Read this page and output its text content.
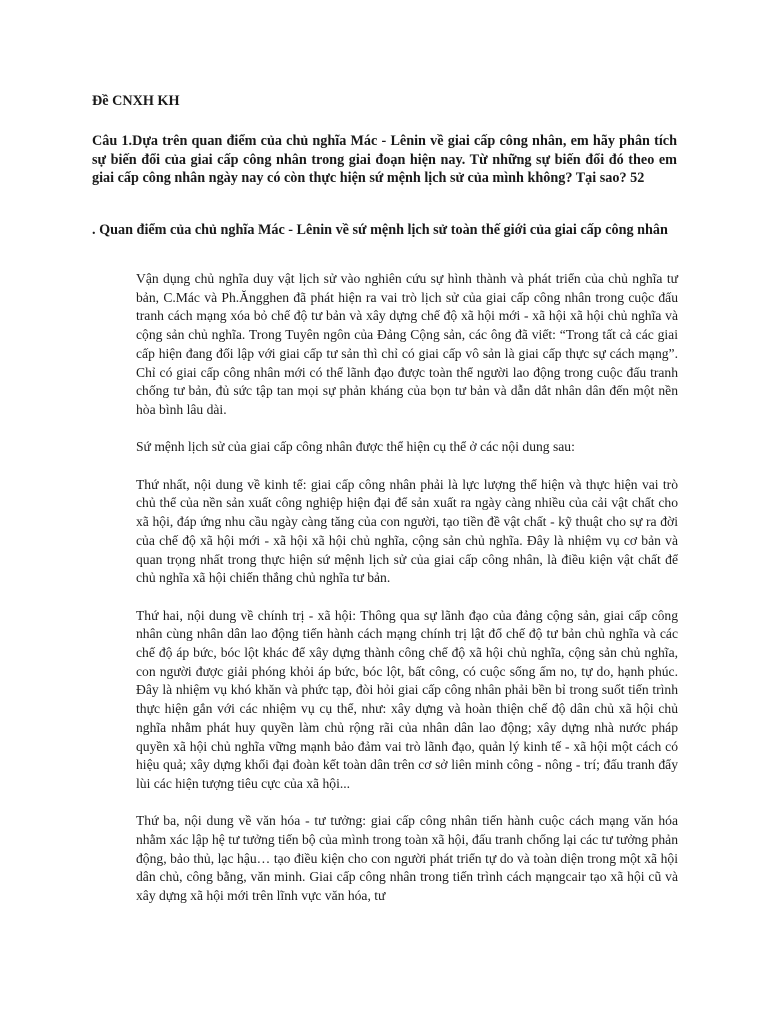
Đề CNXH KH

Câu 1.Dựa trên quan điểm của chủ nghĩa Mác - Lênin về giai cấp công nhân, em hãy phân tích sự biến đổi của giai cấp công nhân trong giai đoạn hiện nay. Từ những sự biến đổi đó theo em giai cấp công nhân ngày nay có còn thực hiện sứ mệnh lịch sử của mình không? Tại sao? 52

. Quan điểm của chủ nghĩa Mác - Lênin về sứ mệnh lịch sử toàn thế giới của giai cấp công nhân

Vận dụng chủ nghĩa duy vật lịch sử vào nghiên cứu sự hình thành và phát triển của chủ nghĩa tư bản, C.Mác và Ph.Ăngghen đã phát hiện ra vai trò lịch sử của giai cấp công nhân trong cuộc đấu tranh cách mạng xóa bỏ chế độ tư bản và xây dựng chế độ xã hội mới - xã hội xã hội chủ nghĩa và cộng sản chủ nghĩa. Trong Tuyên ngôn của Đảng Cộng sản, các ông đã viết: “Trong tất cả các giai cấp hiện đang đối lập với giai cấp tư sản thì chỉ có giai cấp vô sản là giai cấp thực sự cách mạng”. Chỉ có giai cấp công nhân mới có thể lãnh đạo được toàn thể người lao động trong cuộc đấu tranh chống tư bản, đủ sức tập tan mọi sự phản kháng của bọn tư bản và dẫn dắt nhân dân đến một nền hòa bình lâu dài.

Sứ mệnh lịch sử của giai cấp công nhân được thể hiện cụ thể ở các nội dung sau:

Thứ nhất, nội dung về kinh tế: giai cấp công nhân phải là lực lượng thể hiện và thực hiện vai trò chủ thể của nền sản xuất công nghiệp hiện đại để sản xuất ra ngày càng nhiều của cải vật chất cho xã hội, đáp ứng nhu cầu ngày càng tăng của con người, tạo tiền đề vật chất - kỹ thuật cho sự ra đời của chế độ xã hội mới - xã hội xã hội chủ nghĩa, cộng sản chủ nghĩa. Đây là nhiệm vụ cơ bản và quan trọng nhất trong thực hiện sứ mệnh lịch sử của giai cấp công nhân, là điều kiện vật chất để chủ nghĩa xã hội chiến thắng chủ nghĩa tư bản.

Thứ hai, nội dung về chính trị - xã hội: Thông qua sự lãnh đạo của đảng cộng sản, giai cấp công nhân cùng nhân dân lao động tiến hành cách mạng chính trị lật đổ chế độ tư bản chủ nghĩa và các chế độ áp bức, bóc lột khác để xây dựng thành công chế độ xã hội chủ nghĩa, cộng sản chủ nghĩa, con người được giải phóng khỏi áp bức, bóc lột, bất công, có cuộc sống ấm no, tự do, hạnh phúc. Đây là nhiệm vụ khó khăn và phức tạp, đòi hỏi giai cấp công nhân phải bền bỉ trong suốt tiến trình thực hiện gắn với các nhiệm vụ cụ thể, như: xây dựng và hoàn thiện chế độ dân chủ xã hội chủ nghĩa nhằm phát huy quyền làm chủ rộng rãi của nhân dân lao động; xây dựng nhà nước pháp quyền xã hội chủ nghĩa vững mạnh bảo đảm vai trò lãnh đạo, quản lý kinh tế - xã hội một cách có hiệu quả; xây dựng khối đại đoàn kết toàn dân trên cơ sở liên minh công - nông - trí; đấu tranh đẩy lùi các hiện tượng tiêu cực của xã hội...

Thứ ba, nội dung về văn hóa - tư tưởng: giai cấp công nhân tiến hành cuộc cách mạng văn hóa nhằm xác lập hệ tư tưởng tiến bộ của mình trong toàn xã hội, đấu tranh chống lại các tư tưởng phản động, bảo thủ, lạc hậu… tạo điều kiện cho con người phát triển tự do và toàn diện trong một xã hội dân chủ, công bằng, văn minh. Giai cấp công nhân trong tiến trình cách mạngcair tạo xã hội cũ và xây dựng xã hội mới trên lĩnh vực văn hóa, tư
